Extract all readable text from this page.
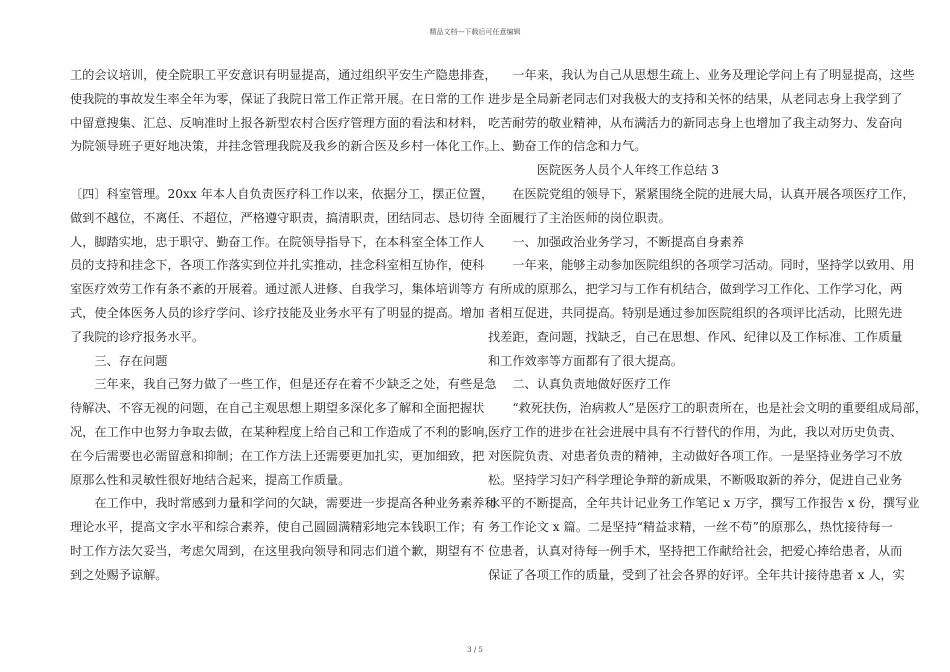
精品文档---下载后可任意编辑
工的会议培训，使全院职工平安意识有明显提高，通过组织平安生产隐患排查，
使我院的事故发生率全年为零，保证了我院日常工作正常开展。在日常的工作
中留意搜集、汇总、反响准时上报各新型农村合医疗管理方面的看法和材料，
为院领导班子更好地决策，并挂念管理我院及我乡的新合医及乡村一体化工作。
〔四〕科室管理。20xx 年本人自负责医疗科工作以来，依据分工，摆正位置，
做到不越位，不离任、不超位，严格遵守职责，搞清职责，团结同志、恳切待
人，脚踏实地，忠于职守、勤奋工作。在院领导指导下，在本科室全体工作人
员的支持和挂念下，各项工作落实到位并扎实推动，挂念科室相互协作，使科
室医疗效劳工作有条不紊的开展着。通过派人进修、自我学习，集体培训等方
式，使全体医务人员的诊疗学问、诊疗技能及业务水平有了明显的提高。增加
了我院的诊疗报务水平。
　　三、存在问题
　　三年来，我自己努力做了一些工作，但是还存在着不少缺乏之处，有些是急
待解决、不容无视的问题，在自己主观思想上期望多深化多了解和全面把握状
况，在工作中也努力争取去做，在某种程度上给自己和工作造成了不利的影响，
在今后需要也必需留意和抑制；在工作方法上还需要更加扎实，更加细致，把
原那么性和灵敏性很好地结合起来，提高工作质量。
　　在工作中，我时常感到力量和学问的欠缺，需要进一步提高各种业务素养和
理论水平，提高文字水平和综合素养，使自己圆圆满精彩地完本钱职工作；有
时工作方法欠妥当，考虑欠周到，在这里我向领导和同志们道个歉，期望有不
到之处赐予谅解。
　　一年来，我认为自己从思想生疏上、业务及理论学问上有了明显提高，这些
进步是全局新老同志们对我极大的支持和关怀的结果，从老同志身上我学到了
吃苦耐劳的敬业精神，从布满活力的新同志身上也增加了我主动努力、发奋向
上、勤奋工作的信念和力气。
　　　　医院医务人员个人年终工作总结 3
　　在医院党组的领导下，紧紧围绕全院的进展大局，认真开展各项医疗工作，
全面履行了主治医师的岗位职责。
　　一、加强政治业务学习，不断提高自身素养
　　一年来，能够主动参加医院组织的各项学习活动。同时，坚持学以致用、用
有所成的原那么，把学习与工作有机结合，做到学习工作化、工作学习化，两
者相互促进，共同提高。特别是通过参加医院组织的各项评比活动，比照先进
找差距，查问题，找缺乏，自己在思想、作风、纪律以及工作标准、工作质量
和工作效率等方面都有了很大提高。
　　二、认真负责地做好医疗工作
　　“救死扶伤，治病救人”是医疗工的职责所在，也是社会文明的重要组成局部，
医疗工作的进步在社会进展中具有不行替代的作用，为此，我以对历史负责、
对医院负责、对患者负责的精神，主动做好各项工作。一是坚持业务学习不放
松。坚持学习妇产科学理论争辩的新成果，不断吸取新的养分，促进自己业务
水平的不断提高，全年共计记业务工作笔记 x 万字，撰写工作报告 x 份，撰写业
务工作论文 x 篇。二是坚持“精益求精，一丝不苟”的原那么，热忱接待每一
位患者，认真对待每一例手术，坚持把工作献给社会，把爱心捧给患者，从而
保证了各项工作的质量，受到了社会各界的好评。全年共计接待患者 x 人，实
3 / 5
